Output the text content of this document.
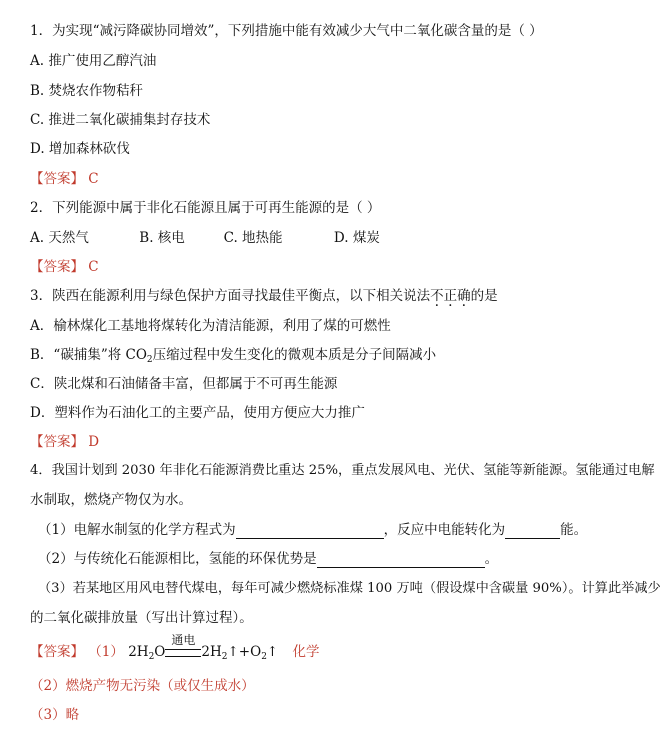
1．为实现“减污降碳协同增效”，下列措施中能有效减少大气中二氧化碳含量的是（ ）
A. 推广使用乙醇汽油
B. 焚烧农作物秸秆
C. 推进二氧化碳捕集封存技术
D. 增加森林砍伐
【答案】 C
2．下列能源中属于非化石能源且属于可再生能源的是（ ）
A. 天然气	B. 核电	C. 地热能	D. 煤炭
【答案】 C
3．陕西在能源利用与绿色保护方面寻找最佳平衡点，以下相关说法不正确的是
A．榆林煤化工基地将煤转化为清洁能源，利用了煤的可燃性
B．“碳捕集”将 $CO_2$压缩过程中发生变化的微观本质是分子间隔减小
C．陕北煤和石油储备丰富，但都属于不可再生能源
D．塑料作为石油化工的主要产品，使用方便应大力推广
【答案】 D
4．我国计划到 2030 年非化石能源消费比重达 25%，重点发展风电、光伏、氢能等新能源。氢能通过电解
水制取，燃烧产物仅为水。
（1）电解水制氢的化学方程式为	，反应中电能转化为	能。
（2）与传统化石能源相比，氢能的环保优势是	。
（3）若某地区用风电替代煤电，每年可减少燃烧标准煤 100 万吨（假设煤中含碳量 90%）。计算此举减少
的二氧化碳排放量（写出计算过程）。
【答案】 （1） $2H_2O$
通电
$2H_2↑+O_2↑$ 化学
（2）燃烧产物无污染（或仅生成水）
（3）略
